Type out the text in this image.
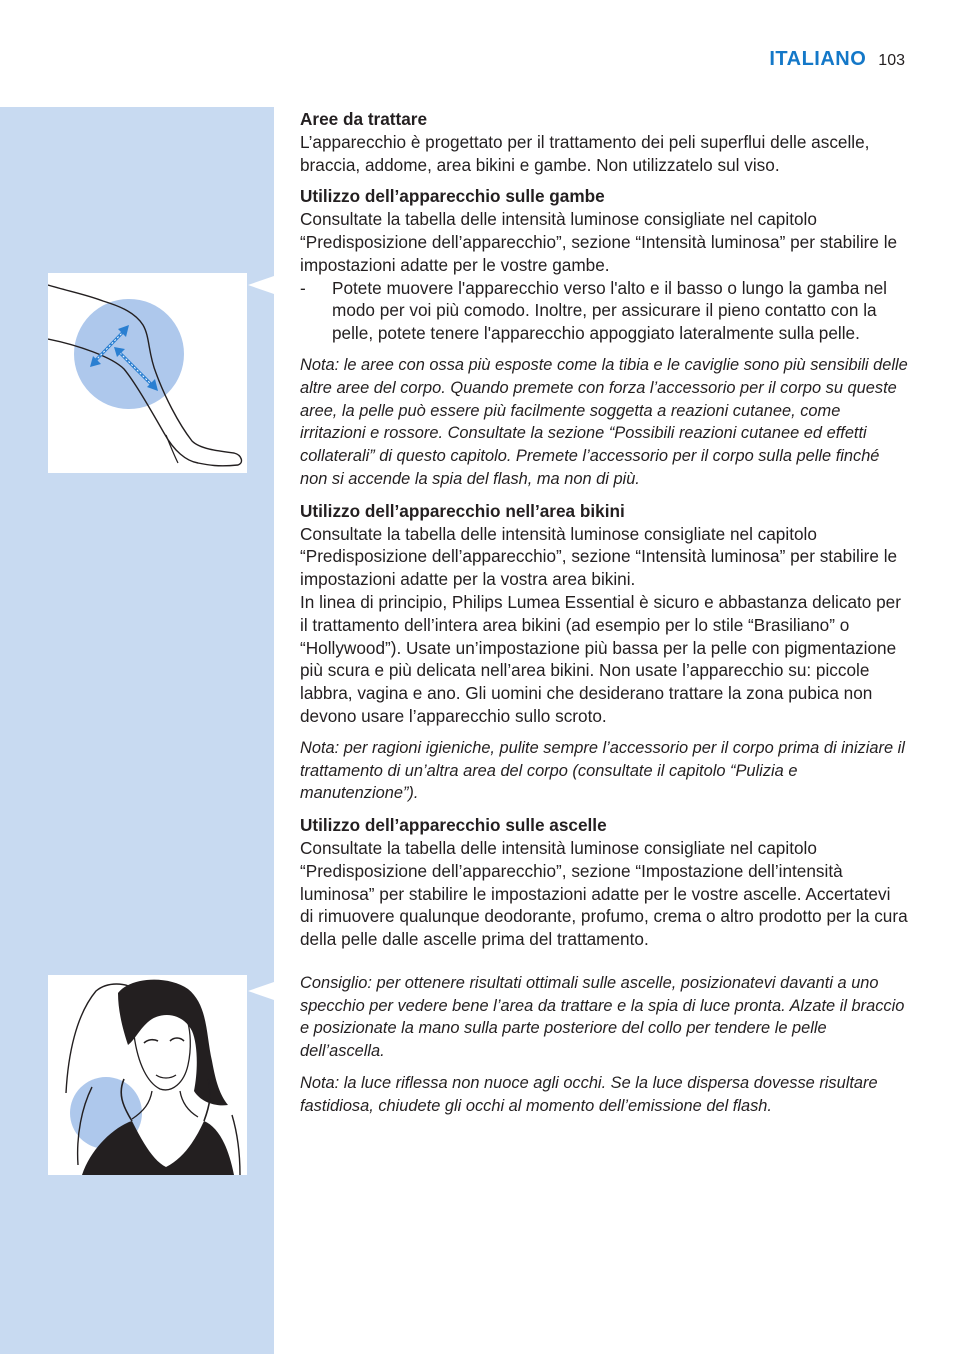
ITALIANO 103
Aree da trattare
L’apparecchio è progettato per il trattamento dei peli superflui delle ascelle, braccia, addome, area bikini e gambe. Non utilizzatelo sul viso.
Utilizzo dell’apparecchio sulle gambe
Consultate la tabella delle intensità luminose consigliate nel capitolo “Predisposizione dell’apparecchio”, sezione “Intensità luminosa” per stabilire le impostazioni adatte per le vostre gambe.
-	Potete muovere l'apparecchio verso l'alto e il basso o lungo la gamba nel modo per voi più comodo. Inoltre, per assicurare il pieno contatto con la pelle, potete tenere l'apparecchio appoggiato lateralmente sulla pelle.
Nota: le aree con ossa più esposte come la tibia e le caviglie sono più sensibili delle altre aree del corpo. Quando premete con forza l’accessorio per il corpo su queste aree, la pelle può essere più facilmente soggetta a reazioni cutanee, come irritazioni e rossore. Consultate la sezione “Possibili reazioni cutanee ed effetti collaterali” di questo capitolo. Premete l’accessorio per il corpo sulla pelle finché non si accende la spia del flash, ma non di più.
Utilizzo dell’apparecchio nell’area bikini
Consultate la tabella delle intensità luminose consigliate nel capitolo “Predisposizione dell’apparecchio”, sezione “Intensità luminosa” per stabilire le impostazioni adatte per la vostra area bikini.
In linea di principio, Philips Lumea Essential è sicuro e abbastanza delicato per il trattamento dell’intera area bikini (ad esempio per lo stile “Brasiliano” o “Hollywood”). Usate un’impostazione più bassa per la pelle con pigmentazione più scura e più delicata nell’area bikini. Non usate l’apparecchio su: piccole labbra, vagina e ano. Gli uomini che desiderano trattare la zona pubica non devono usare l’apparecchio sullo scroto.
Nota: per ragioni igieniche, pulite sempre l’accessorio per il corpo prima di iniziare il trattamento di un’altra area del corpo (consultate il capitolo “Pulizia e manutenzione”).
Utilizzo dell’apparecchio sulle ascelle
Consultate la tabella delle intensità luminose consigliate nel capitolo “Predisposizione dell’apparecchio”, sezione “Impostazione dell’intensità luminosa” per stabilire le impostazioni adatte per le vostre ascelle. Accertatevi di rimuovere qualunque deodorante, profumo, crema o altro prodotto per la cura della pelle dalle ascelle prima del trattamento.
Consiglio: per ottenere risultati ottimali sulle ascelle, posizionatevi davanti a uno specchio per vedere bene l’area da trattare e la spia di luce pronta. Alzate il braccio e posizionate la mano sulla parte posteriore del collo per tendere le pelle dell’ascella.
Nota: la luce riflessa non nuoce agli occhi. Se la luce dispersa dovesse risultare fastidiosa, chiudete gli occhi al momento dell’emissione del flash.
